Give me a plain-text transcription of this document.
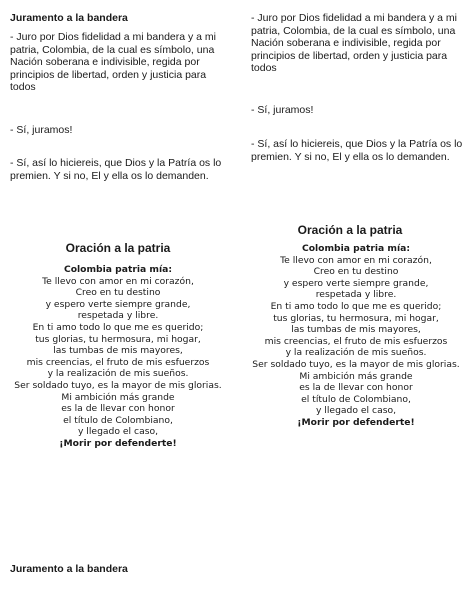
Juramento a la bandera

- Juro por Dios fidelidad a mi bandera y a mi patria, Colombia, de la cual es símbolo, una Nación soberana e indivisible, regida por principios de libertad, orden y justicia para todos

- Sí, juramos!

- Sí, así lo hiciereis, que Dios y la Patría os lo premien. Y si no, El y ella os lo demanden.

Oración a la patria
Colombia patria mía:
Te llevo con amor en mi corazón,
Creo en tu destino
y espero verte siempre grande,
respetada y libre.
En ti amo todo lo que me es querido;
tus glorias, tu hermosura, mi hogar,
las tumbas de mis mayores,
mis creencias, el fruto de mis esfuerzos
y la realización de mis sueños.
Ser soldado tuyo, es la mayor de mis glorias.
Mi ambición más grande
es la de llevar con honor
el título de Colombiano,
y llegado el caso,
¡Morir por defenderte!
Juramento a la bandera

- Juro por Dios fidelidad a mi bandera y a mi patria, Colombia, de la cual es símbolo, una Nación soberana e indivisible, regida por principios de libertad, orden y justicia para todos

- Sí, juramos!

- Sí, así lo hiciereis, que Dios y la Patría os lo premien. Y si no, El y ella os lo demanden.

Oración a la patria
Colombia patria mía:
Te llevo con amor en mi corazón,
Creo en tu destino
y espero verte siempre grande,
respetada y libre.
En ti amo todo lo que me es querido;
tus glorias, tu hermosura, mi hogar,
las tumbas de mis mayores,
mis creencias, el fruto de mis esfuerzos
y la realización de mis sueños.
Ser soldado tuyo, es la mayor de mis glorias.
Mi ambición más grande
es la de llevar con honor
el título de Colombiano,
y llegado el caso,
¡Morir por defenderte!
